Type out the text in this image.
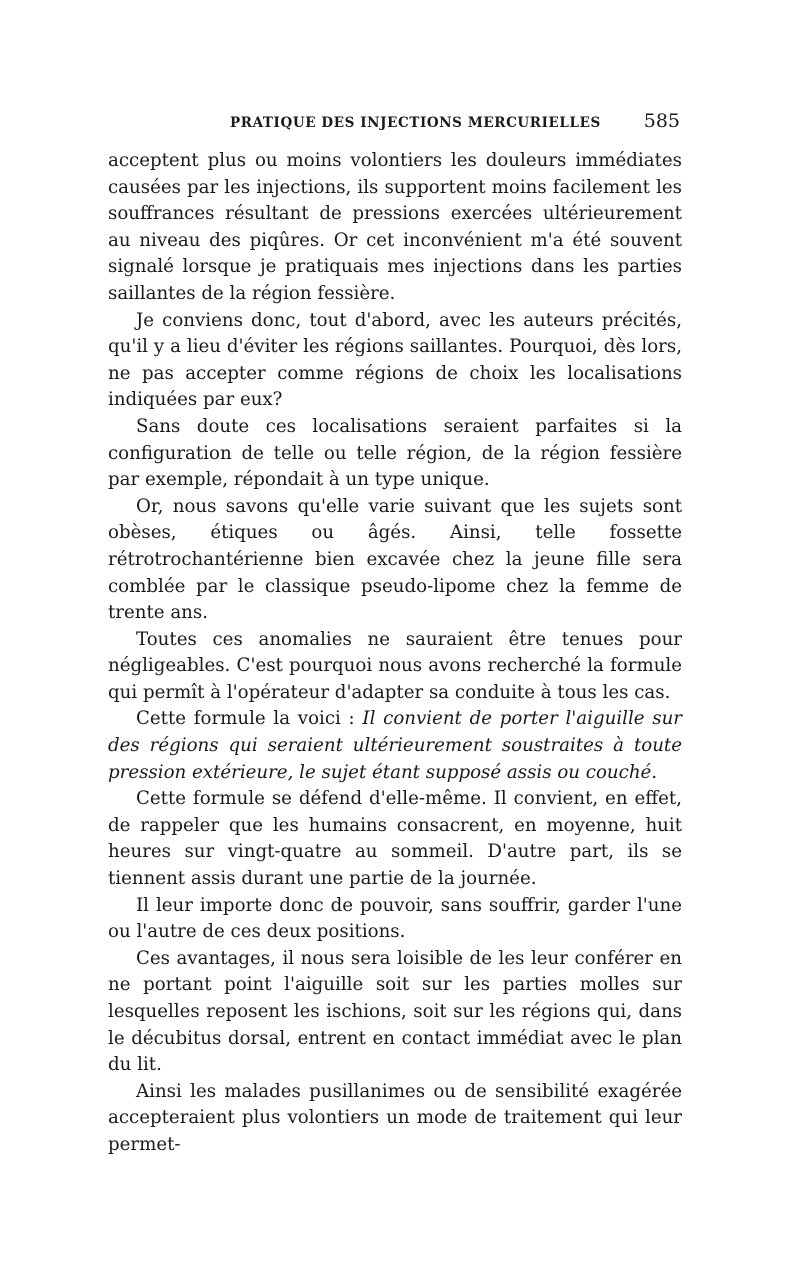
PRATIQUE DES INJECTIONS MERCURIELLES 585

acceptent plus ou moins volontiers les douleurs immédiates causées par les injections, ils supportent moins facilement les souffrances résultant de pressions exercées ultérieurement au niveau des piqûres. Or cet inconvénient m'a été souvent signalé lorsque je pratiquais mes injections dans les parties saillantes de la région fessière.

Je conviens donc, tout d'abord, avec les auteurs précités, qu'il y a lieu d'éviter les régions saillantes. Pourquoi, dès lors, ne pas accepter comme régions de choix les localisations indiquées par eux?

Sans doute ces localisations seraient parfaites si la configuration de telle ou telle région, de la région fessière par exemple, répondait à un type unique.

Or, nous savons qu'elle varie suivant que les sujets sont obèses, étiques ou âgés. Ainsi, telle fossette rétrotrochantérienne bien excavée chez la jeune fille sera comblée par le classique pseudo-lipome chez la femme de trente ans.

Toutes ces anomalies ne sauraient être tenues pour négligeables. C'est pourquoi nous avons recherché la formule qui permît à l'opérateur d'adapter sa conduite à tous les cas.

Cette formule la voici : Il convient de porter l'aiguille sur des régions qui seraient ultérieurement soustraites à toute pression extérieure, le sujet étant supposé assis ou couché.

Cette formule se défend d'elle-même. Il convient, en effet, de rappeler que les humains consacrent, en moyenne, huit heures sur vingt-quatre au sommeil. D'autre part, ils se tiennent assis durant une partie de la journée.

Il leur importe donc de pouvoir, sans souffrir, garder l'une ou l'autre de ces deux positions.

Ces avantages, il nous sera loisible de les leur conférer en ne portant point l'aiguille soit sur les parties molles sur lesquelles reposent les ischions, soit sur les régions qui, dans le décubitus dorsal, entrent en contact immédiat avec le plan du lit.

Ainsi les malades pusillanimes ou de sensibilité exagérée accepteraient plus volontiers un mode de traitement qui leur permet-
